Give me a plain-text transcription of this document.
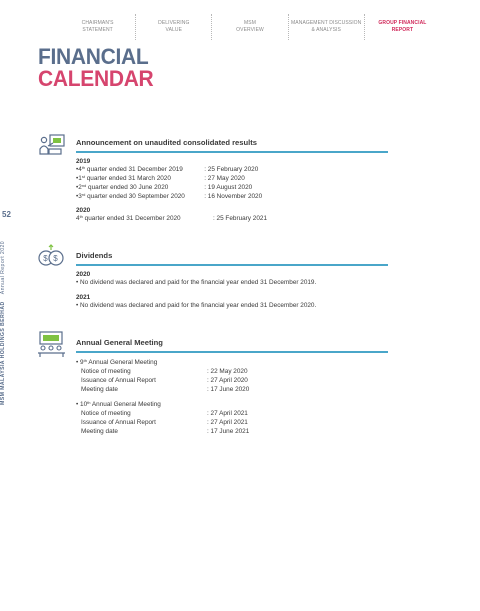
CHAIRMAN'S
STATEMENT
DELIVERING
VALUE
MSM
OVERVIEW
MANAGEMENT DISCUSSION
& ANALYSIS
GROUP FINANCIAL
REPORT
FINANCIAL
CALENDAR
52
MSM MALAYSIA HOLDINGS BERHAD    Annual Report 2020
Announcement on unaudited consolidated results
2019
• 4th quarter ended 31 December 2019	: 25 February 2020
• 1st quarter ended 31 March 2020	: 27 May 2020
• 2nd quarter ended 30 June 2020	: 19 August 2020
• 3rd quarter ended 30 September 2020	: 16 November 2020
2020
4th quarter ended 31 December 2020	: 25 February 2021
$ $ Dividends
2020
• No dividend was declared and paid for the financial year ended 31 December 2019.
2021
• No dividend was declared and paid for the financial year ended 31 December 2020.
Annual General Meeting
• 9th Annual General Meeting
Notice of meeting	: 22 May 2020
Issuance of Annual Report	: 27 April 2020
Meeting date	: 17 June 2020
• 10th Annual General Meeting
Notice of meeting	: 27 April 2021
Issuance of Annual Report	: 27 April 2021
Meeting date	: 17 June 2021
